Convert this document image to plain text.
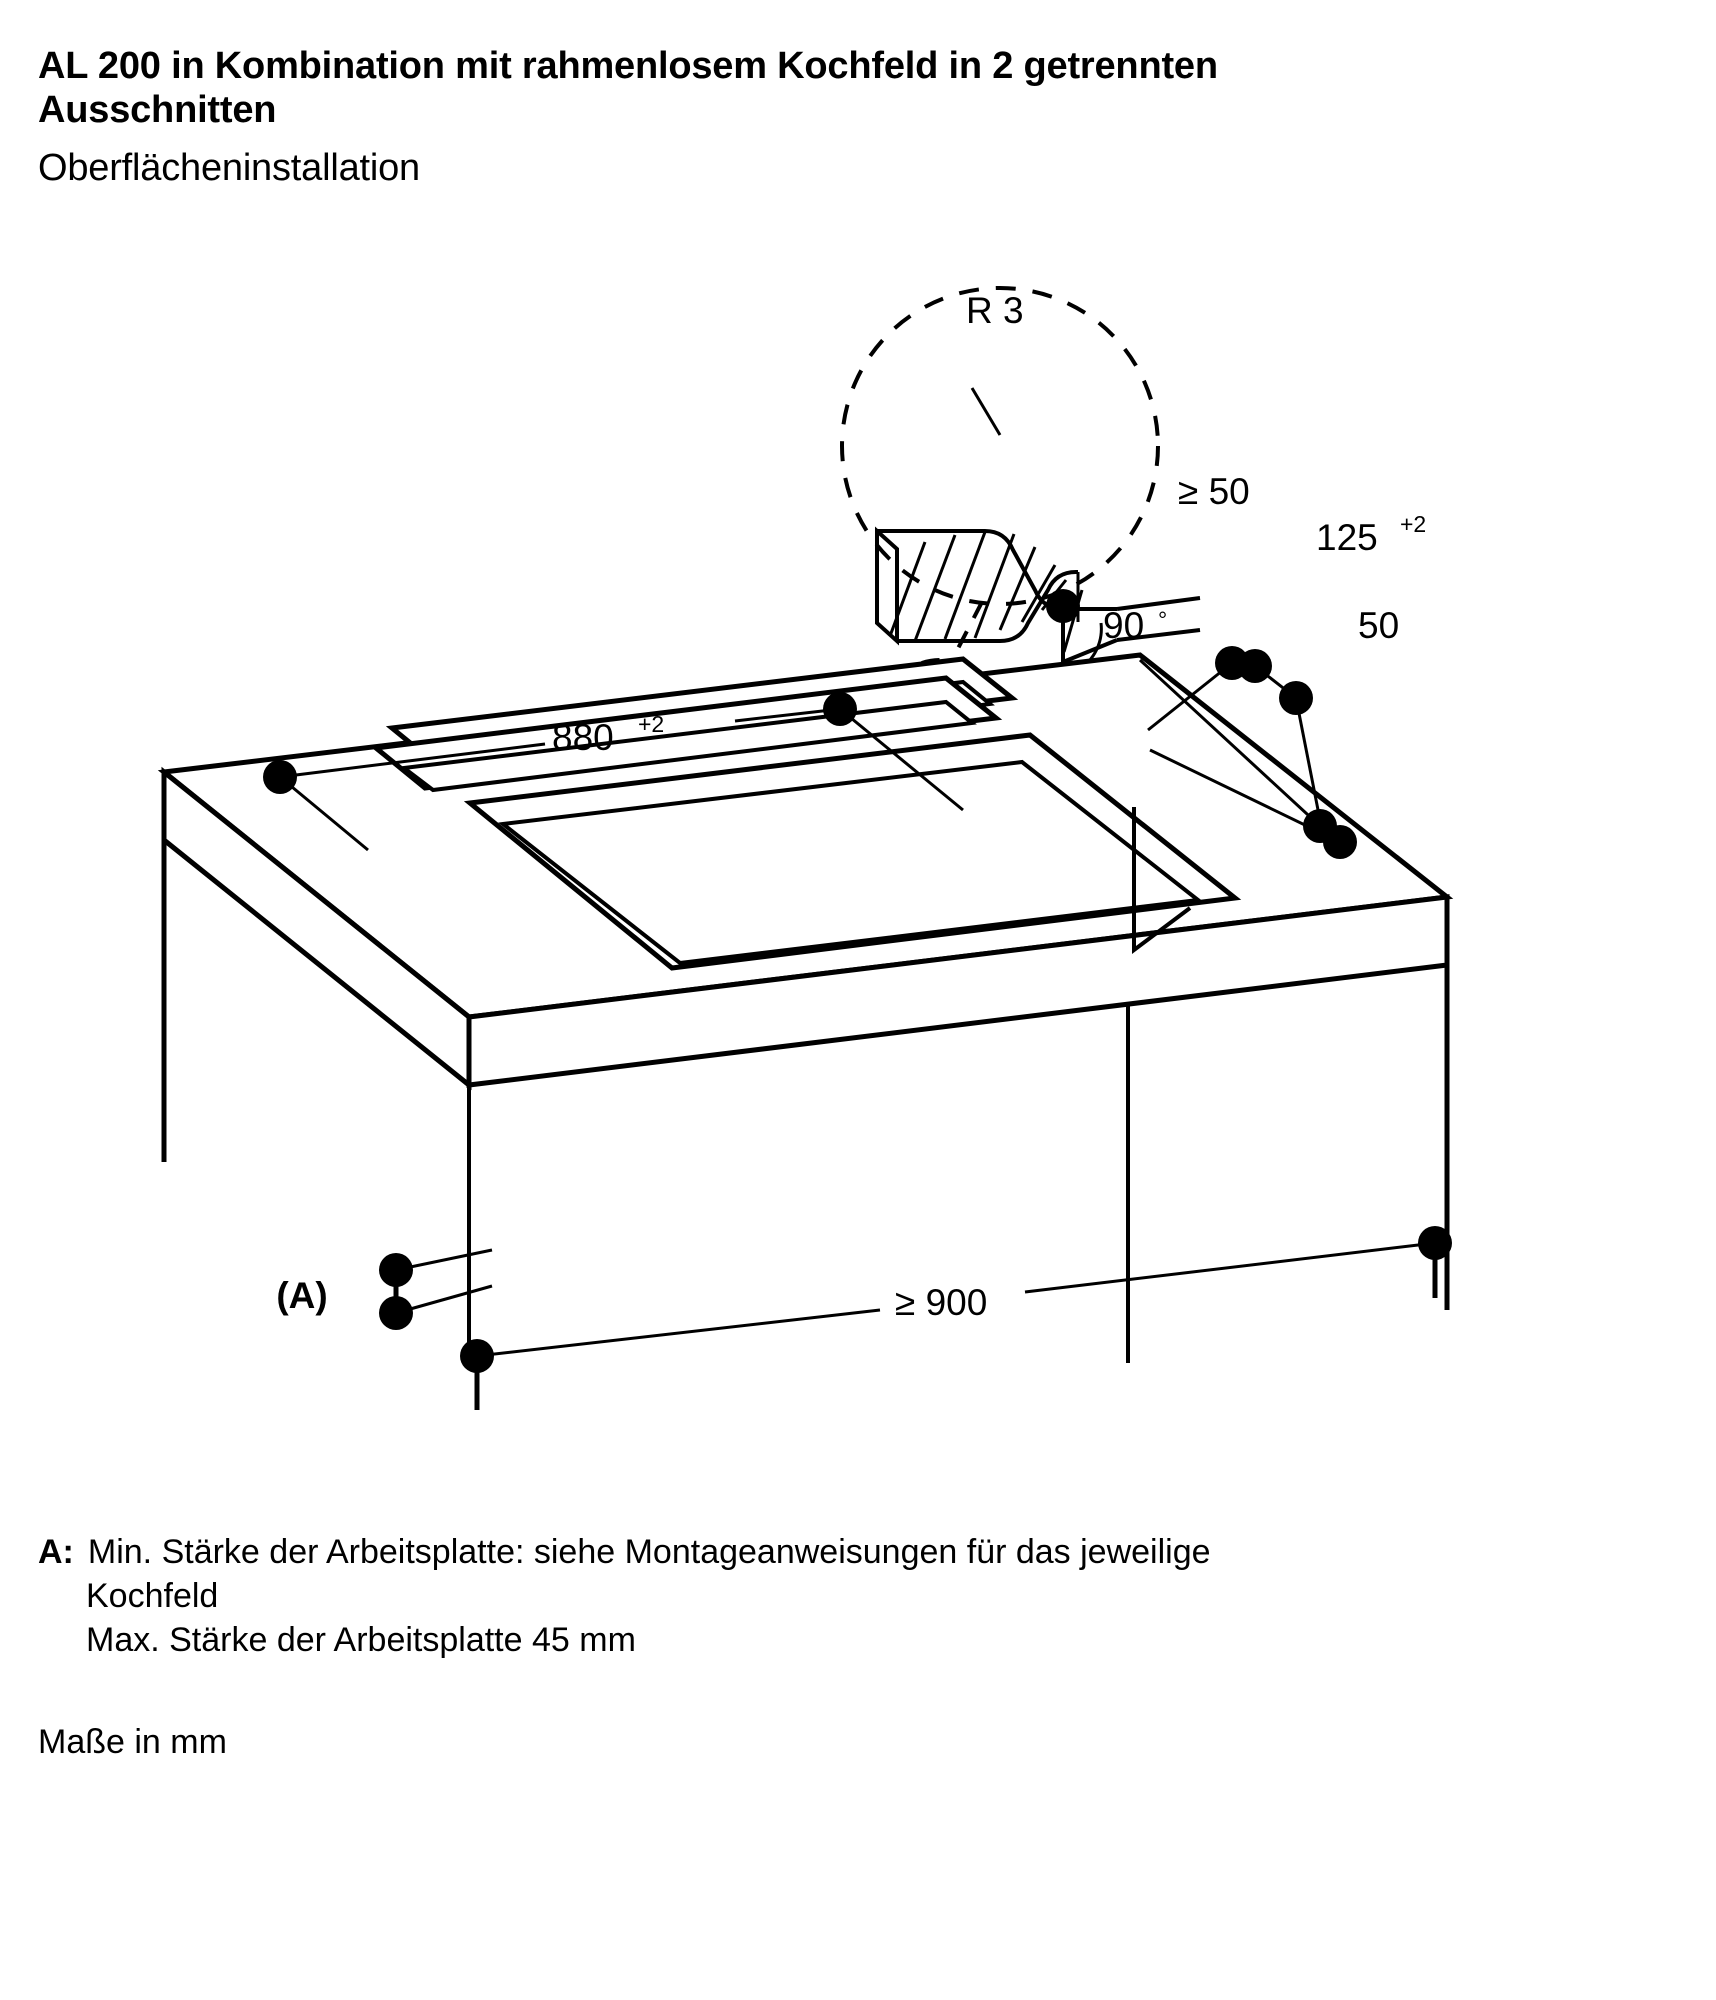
AL 200 in Kombination mit rahmenlosem Kochfeld in 2 getrennten
Ausschnitten
Oberflächeninstallation
R 3
90 °
880 +2
≥ 50
125 +2
50
(A)	≥ 900
A: Min. Stärke der Arbeitsplatte: siehe Montageanweisungen für das jeweilige
Kochfeld
Max. Stärke der Arbeitsplatte 45 mm
Maße in mm
